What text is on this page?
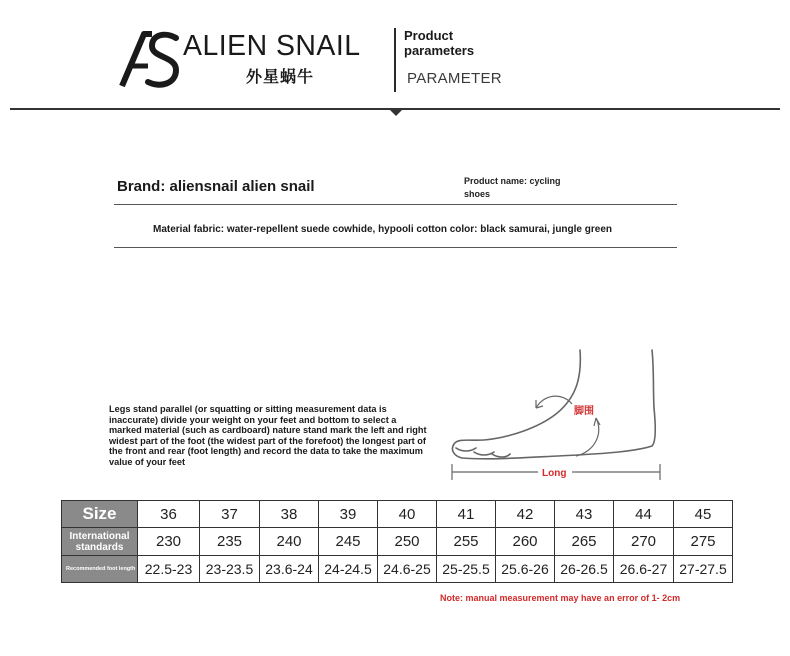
ALIEN SNAIL
外星蜗牛
Product
parameters
PARAMETER
Brand: aliensnail alien snail	Product name: cycling shoes
Material fabric: water-repellent suede cowhide, hypooli cotton color: black samurai, jungle green
Legs stand parallel (or squatting or sitting measurement data is inaccurate) divide your weight on your feet and bottom to select a marked material (such as cardboard) nature stand mark the left and right widest part of the foot (the widest part of the forefoot) the longest part of the front and rear (foot length) and record the data to take the maximum value of your feet
脚围
Long
Size	36	37	38	39	40	41	42	43	44	45
International standards	230	235	240	245	250	255	260	265	270	275
Recommended foot length	22.5-23	23-23.5	23.6-24	24-24.5	24.6-25	25-25.5	25.6-26	26-26.5	26.6-27	27-27.5
Note: manual measurement may have an error of 1- 2cm
